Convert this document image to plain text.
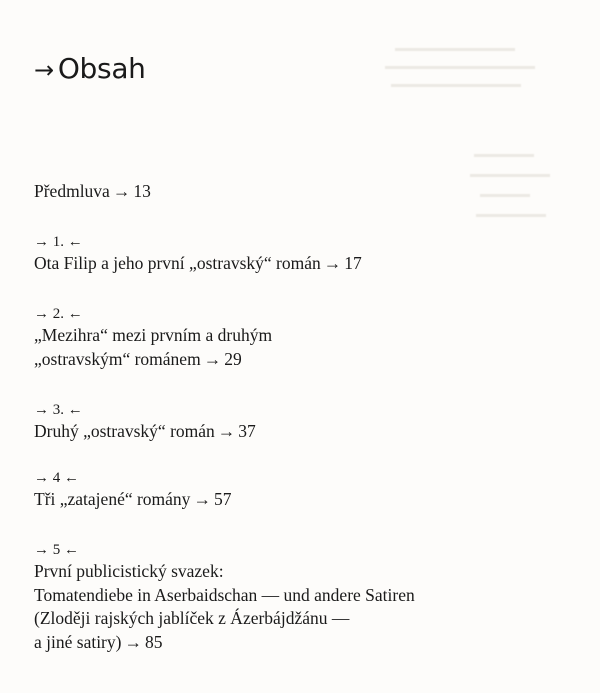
→ Obsah
Předmluva → 13
→ 1. ←
Ota Filip a jeho první „ostravský“ román → 17
→ 2. ←
„Mezihra“ mezi prvním a druhým
„ostravským“ románem → 29
→ 3. ←
Druhý „ostravský“ román → 37
→ 4 ←
Tři „zatajené“ romány → 57
→ 5 ←
První publicistický svazek:
Tomatendiebe in Aserbaidschan — und andere Satiren
(Zloději rajských jablíček z Ázerbájdžánu —
a jiné satiry) → 85
